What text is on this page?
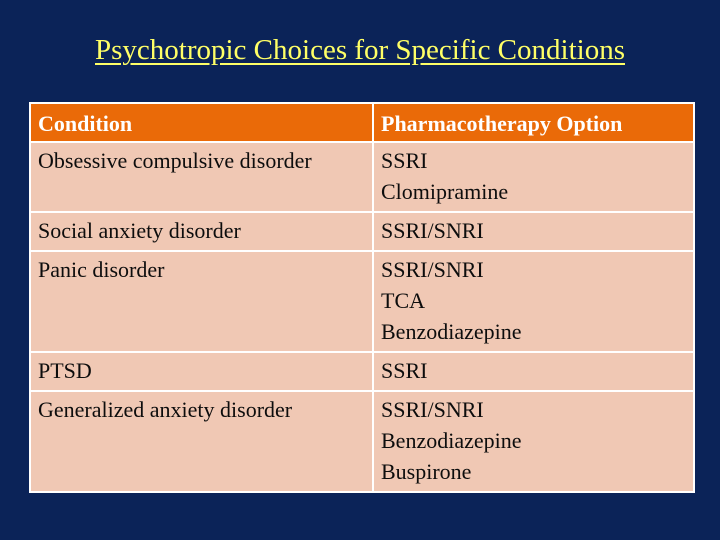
Psychotropic Choices for Specific Conditions
Condition	Pharmacotherapy Option
Obsessive compulsive disorder	SSRI
Clomipramine
Social anxiety disorder	SSRI/SNRI
Panic disorder	SSRI/SNRI
TCA
Benzodiazepine
PTSD	SSRI
Generalized anxiety disorder	SSRI/SNRI
Benzodiazepine
Buspirone
